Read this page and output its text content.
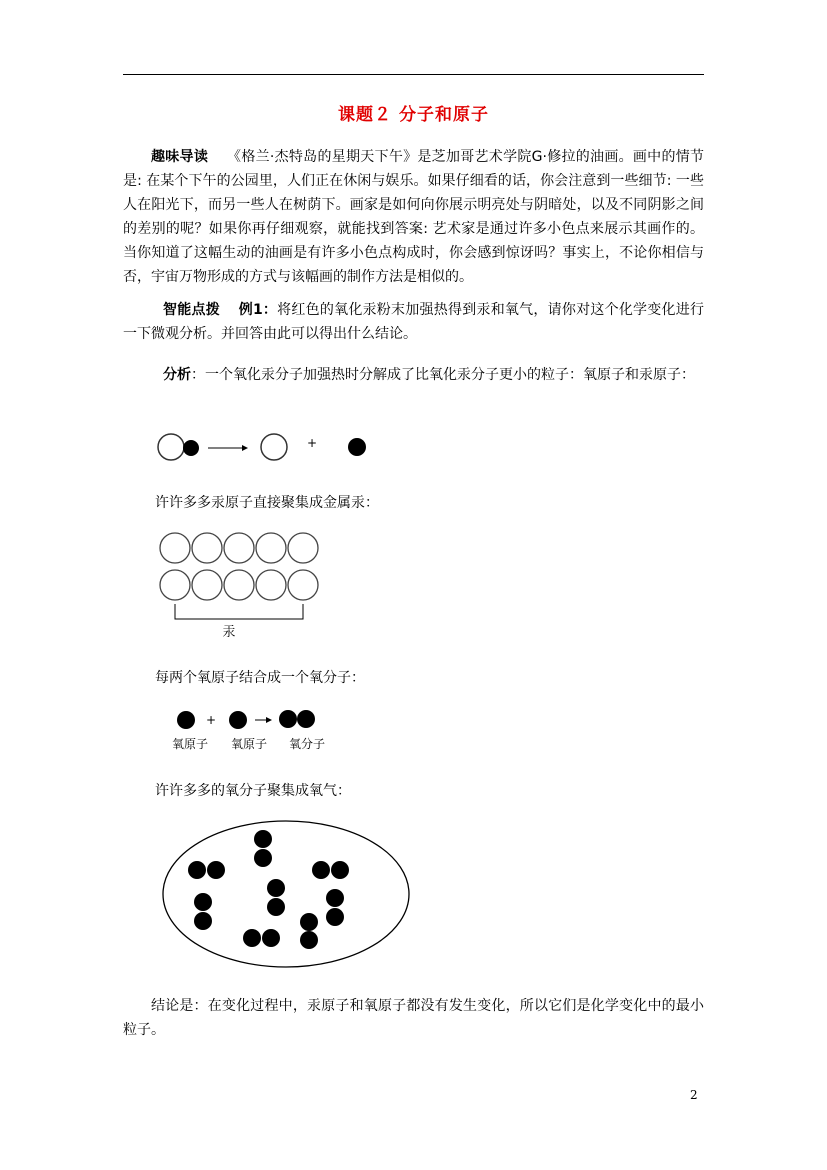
课题２ 分子和原子

趣味导读 《格兰·杰特岛的星期天下午》是芝加哥艺术学院G·修拉的油画。画中的情节是: 在某个下午的公园里，人们正在休闲与娱乐。如果仔细看的话，你会注意到一些细节: 一些人在阳光下，而另一些人在树荫下。画家是如何向你展示明亮处与阴暗处，以及不同阴影之间的差别的呢？如果你再仔细观察，就能找到答案: 艺术家是通过许多小色点来展示其画作的。当你知道了这幅生动的油画是有许多小色点构成时，你会感到惊讶吗？事实上，不论你相信与否，宇宙万物形成的方式与该幅画的制作方法是相似的。

智能点拨 例1：将红色的氧化汞粉末加强热得到汞和氧气，请你对这个化学变化进行一下微观分析。并回答由此可以得出什么结论。

分析：一个氧化汞分子加强热时分解成了比氧化汞分子更小的粒子：氧原子和汞原子：

+
许许多多汞原子直接聚集成金属汞：
汞
每两个氧原子结合成一个氧分子：
+
氧原子 氧原子 氧分子
许许多多的氧分子聚集成氧气：

结论是：在变化过程中，汞原子和氧原子都没有发生变化，所以它们是化学变化中的最小粒子。

2
